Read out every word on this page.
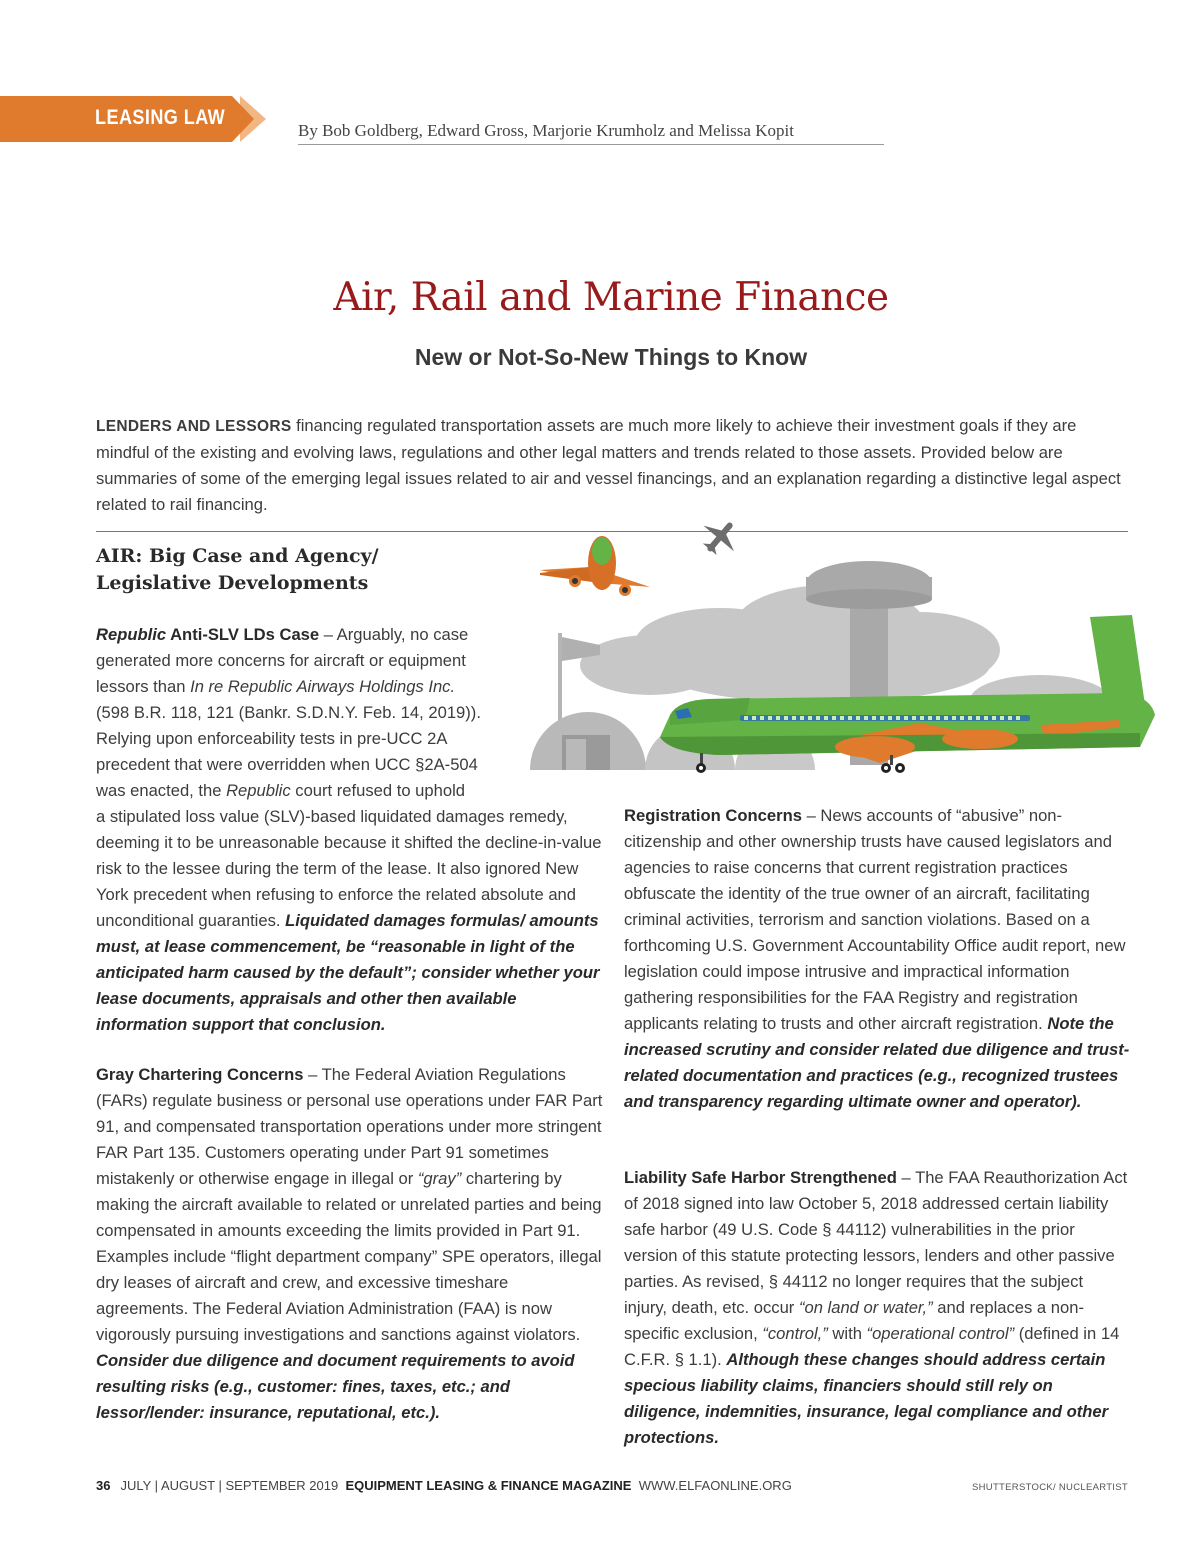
LEASING LAW
By Bob Goldberg, Edward Gross, Marjorie Krumholz and Melissa Kopit
Air, Rail and Marine Finance
New or Not-So-New Things to Know
LENDERS AND LESSORS financing regulated transportation assets are much more likely to achieve their investment goals if they are mindful of the existing and evolving laws, regulations and other legal matters and trends related to those assets. Provided below are summaries of some of the emerging legal issues related to air and vessel financings, and an explanation regarding a distinctive legal aspect related to rail financing.
AIR: Big Case and Agency/
Legislative Developments
Republic Anti-SLV LDs Case – Arguably, no case
generated more concerns for aircraft or equipment
lessors than In re Republic Airways Holdings Inc.
(598 B.R. 118, 121 (Bankr. S.D.N.Y. Feb. 14, 2019)).
Relying upon enforceability tests in pre-UCC 2A
precedent that were overridden when UCC §2A-504
was enacted, the Republic court refused to uphold
a stipulated loss value (SLV)-based liquidated damages remedy, deeming it to be unreasonable because it shifted the decline-in-value risk to the lessee during the term of the lease. It also ignored New York precedent when refusing to enforce the related absolute and unconditional guaranties. Liquidated damages formulas/ amounts must, at lease commencement, be “reasonable in light of the anticipated harm caused by the default”; consider whether your lease documents, appraisals and other then available information support that conclusion.
Gray Chartering Concerns – The Federal Aviation Regulations (FARs) regulate business or personal use operations under FAR Part 91, and compensated transportation operations under more stringent FAR Part 135. Customers operating under Part 91 sometimes mistakenly or otherwise engage in illegal or “gray” chartering by making the aircraft available to related or unrelated parties and being compensated in amounts exceeding the limits provided in Part 91. Examples include “flight department company” SPE operators, illegal dry leases of aircraft and crew, and excessive timeshare agreements. The Federal Aviation Administration (FAA) is now vigorously pursuing investigations and sanctions against violators. Consider due diligence and document requirements to avoid resulting risks (e.g., customer: fines, taxes, etc.; and lessor/lender: insurance, reputational, etc.).
Registration Concerns – News accounts of “abusive” non-citizenship and other ownership trusts have caused legislators and agencies to raise concerns that current registration practices obfuscate the identity of the true owner of an aircraft, facilitating criminal activities, terrorism and sanction violations. Based on a forthcoming U.S. Government Accountability Office audit report, new legislation could impose intrusive and impractical information gathering responsibilities for the FAA Registry and registration applicants relating to trusts and other aircraft registration. Note the increased scrutiny and consider related due diligence and trust-related documentation and practices (e.g., recognized trustees and transparency regarding ultimate owner and operator).
Liability Safe Harbor Strengthened – The FAA Reauthorization Act of 2018 signed into law October 5, 2018 addressed certain liability safe harbor (49 U.S. Code § 44112) vulnerabilities in the prior version of this statute protecting lessors, lenders and other passive parties. As revised, § 44112 no longer requires that the subject injury, death, etc. occur “on land or water,” and replaces a non-specific exclusion, “control,” with “operational control” (defined in 14 C.F.R. § 1.1). Although these changes should address certain specious liability claims, financiers should still rely on diligence, indemnities, insurance, legal compliance and other protections.
36 JULY | AUGUST | SEPTEMBER 2019 EQUIPMENT LEASING & FINANCE MAGAZINE WWW.ELFAONLINE.ORG	SHUTTERSTOCK/ NUCLEARTIST
